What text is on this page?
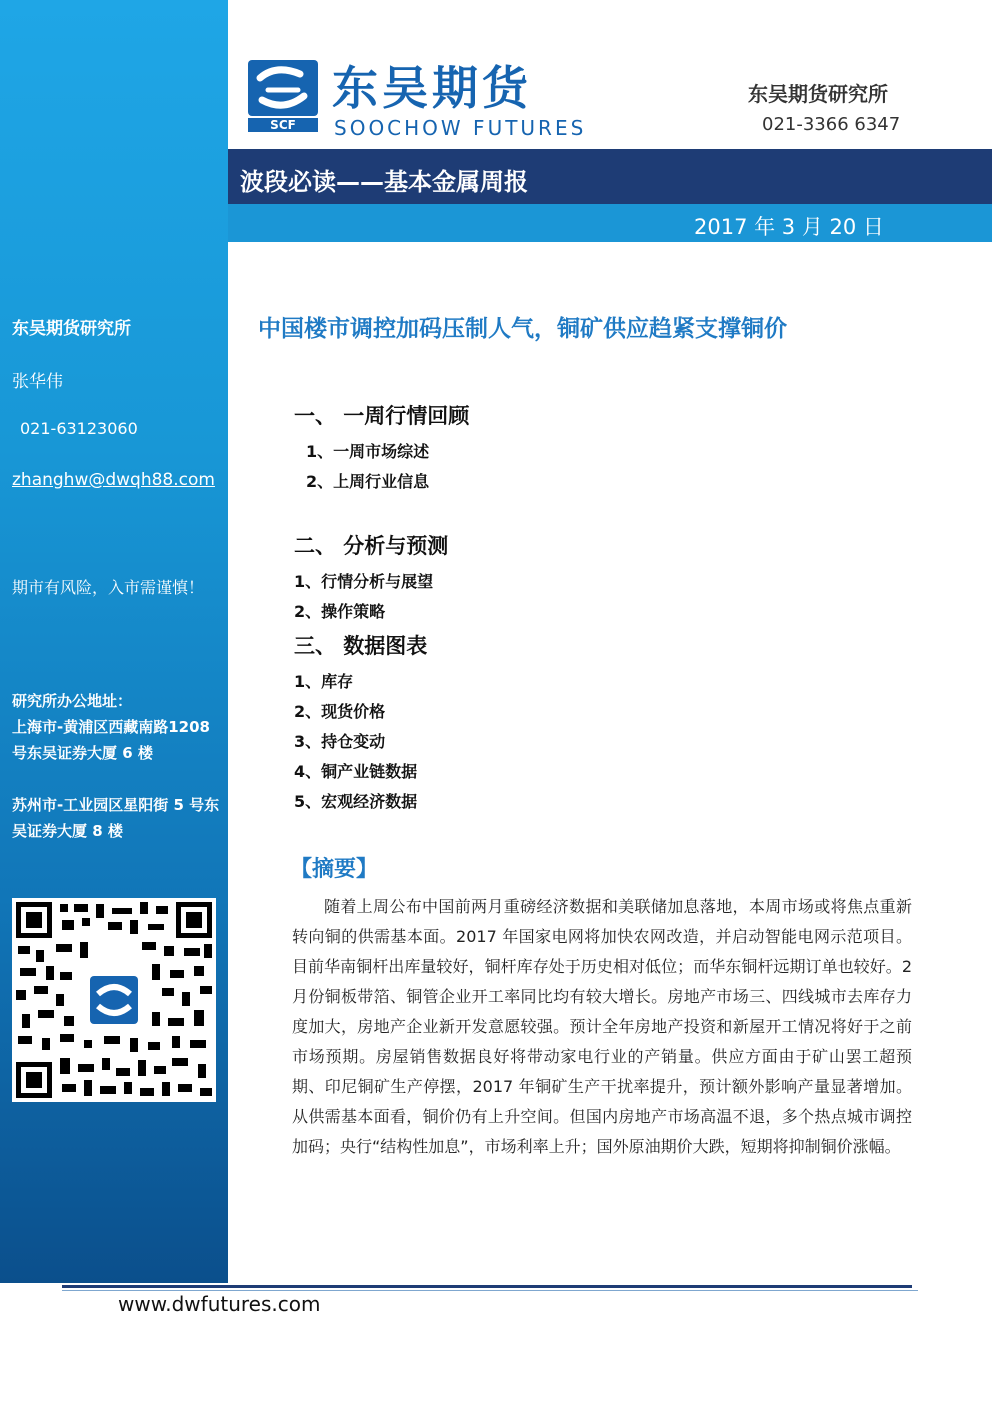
东吴期货研究所
张华伟
021-63123060
zhanghw@dwqh88.com
期市有风险，入市需谨慎！
研究所办公地址：
上海市-黄浦区西藏南路1208 号东吴证券大厦 6 楼
苏州市-工业园区星阳街 5 号东吴证券大厦 8 楼
SCF
东吴期货
SOOCHOW FUTURES
东吴期货研究所
021-3366 6347
波段必读——基本金属周报
2017 年 3 月 20 日
中国楼市调控加码压制人气，铜矿供应趋紧支撑铜价
一、 一周行情回顾
1、一周市场综述
2、上周行业信息
二、 分析与预测
1、行情分析与展望
2、操作策略
三、 数据图表
1、库存
2、现货价格
3、持仓变动
4、铜产业链数据
5、宏观经济数据
【摘要】
随着上周公布中国前两月重磅经济数据和美联储加息落地，本周市场或将焦点重新转向铜的供需基本面。2017 年国家电网将加快农网改造，并启动智能电网示范项目。目前华南铜杆出库量较好，铜杆库存处于历史相对低位；而华东铜杆远期订单也较好。2 月份铜板带箔、铜管企业开工率同比均有较大增长。房地产市场三、四线城市去库存力度加大，房地产企业新开发意愿较强。预计全年房地产投资和新屋开工情况将好于之前市场预期。房屋销售数据良好将带动家电行业的产销量。供应方面由于矿山罢工超预期、印尼铜矿生产停摆，2017 年铜矿生产干扰率提升，预计额外影响产量显著增加。从供需基本面看，铜价仍有上升空间。但国内房地产市场高温不退，多个热点城市调控加码；央行“结构性加息”，市场利率上升；国外原油期价大跌，短期将抑制铜价涨幅。
www.dwfutures.com
